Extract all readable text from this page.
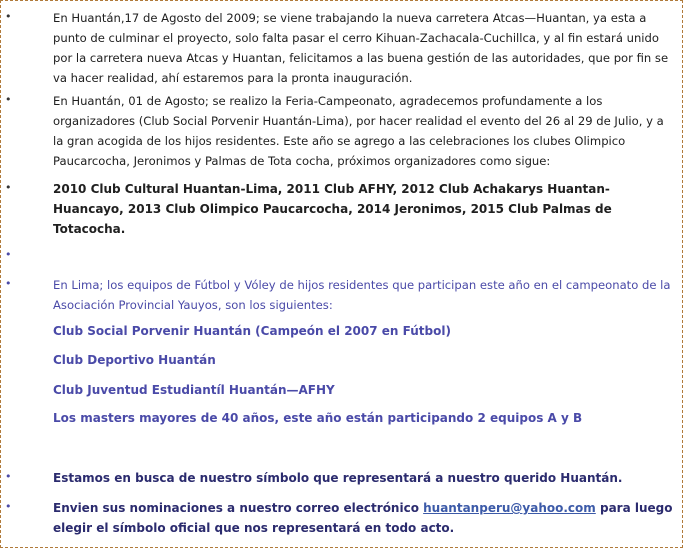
•	En Huantán,17 de Agosto del 2009; se viene trabajando la nueva carretera Atcas—Huantan, ya esta a punto de culminar el proyecto, solo falta pasar el cerro Kihuan-Zachacala-Cuchillca, y al fin estará unido por la carretera nueva Atcas y Huantan, felicitamos a las buena gestión de las autoridades, que por fin se va hacer realidad, ahí estaremos para la pronta inauguración.
•	En Huantán, 01 de Agosto; se realizo la Feria-Campeonato, agradecemos profundamente a los organizadores (Club Social Porvenir Huantán-Lima), por hacer realidad el evento del 26 al 29 de Julio, y a la gran acogida de los hijos residentes. Este año se agrego a las celebraciones los clubes Olimpico Paucarcocha, Jeronimos y Palmas de Tota cocha, próximos organizadores como sigue:
•	2010 Club Cultural Huantan-Lima, 2011 Club AFHY, 2012 Club Achakarys Huantan-Huancayo, 2013 Club Olimpico Paucarcocha, 2014 Jeronimos, 2015 Club Palmas de Totacocha.
•
•	En Lima; los equipos de Fútbol y Vóley de hijos residentes que participan este año en el campeonato de la Asociación Provincial Yauyos, son los siguientes:
Club Social Porvenir Huantán (Campeón el 2007 en Fútbol)
Club Deportivo Huantán
Club Juventud Estudiantíl Huantán—AFHY
Los masters mayores de 40 años, este año están participando 2 equipos A y B
•	Estamos en busca de nuestro símbolo que representará a nuestro querido Huantán.
•	Envien sus nominaciones a nuestro correo electrónico huantanperu@yahoo.com para luego elegir el símbolo oficial que nos representará en todo acto.
